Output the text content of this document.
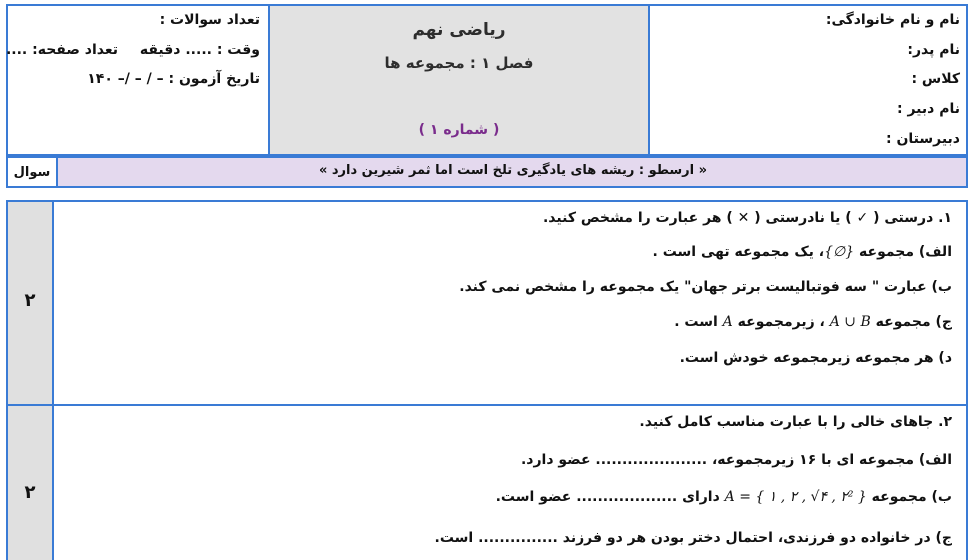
نام و نام خانوادگی:
نام پدر:
کلاس :
نام دبیر :
دبیرستان :
ریاضی نهم
فصل ۱ : مجموعه ها
( شماره ۱ )
تعداد سوالات :
وقت : ..... دقیقه
تعداد صفحه: ....
تاریخ آزمون : – / – /– ۱۴۰
سوال	« ارسطو : ریشه های یادگیری تلخ است اما ثمر شیرین دارد »
۲
۱. درستی ( ✓ ) یا نادرستی ( ✕ ) هر عبارت را مشخص کنید.
الف) مجموعه {∅}، یک مجموعه تهی است .
ب) عبارت " سه فوتبالیست برتر جهان" یک مجموعه را مشخص نمی کند.
ج) مجموعه A ∪ B ، زیرمجموعه A است .
د) هر مجموعه زیرمجموعه خودش است.
۲
۲. جاهای خالی را با عبارت مناسب کامل کنید.
الف) مجموعه ای با ۱۶ زیرمجموعه، ..................... عضو دارد.
ب) مجموعه A = { ۱ , ۲ , √۴ , ۲² } دارای ................... عضو است.
ج) در خانواده دو فرزندی، احتمال دختر بودن هر دو فرزند ............... است.
